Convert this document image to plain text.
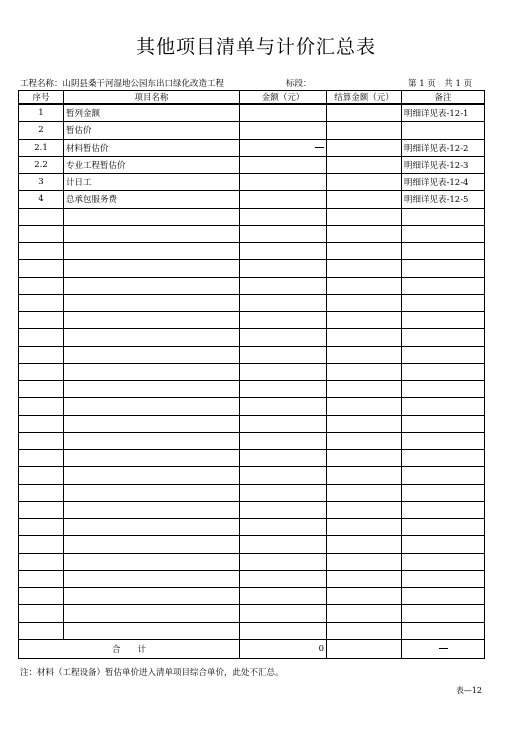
其他项目清单与计价汇总表
工程名称：山阴县桑干河湿地公园东出口绿化改造工程	标段：	第 1 页　共 1 页
序号	项目名称	金额（元）	结算金额（元）	备注
1	暂列金额			明细详见表-12-1
2	暂估价			
2.1	材料暂估价			明细详见表-12-2
2.2	专业工程暂估价			明细详见表-12-3
3	计日工			明细详见表-12-4
4	总承包服务费			明细详见表-12-5

合　　计		0		
注：材料（工程设备）暂估单价进入清单项目综合单价，此处不汇总。
表—12
